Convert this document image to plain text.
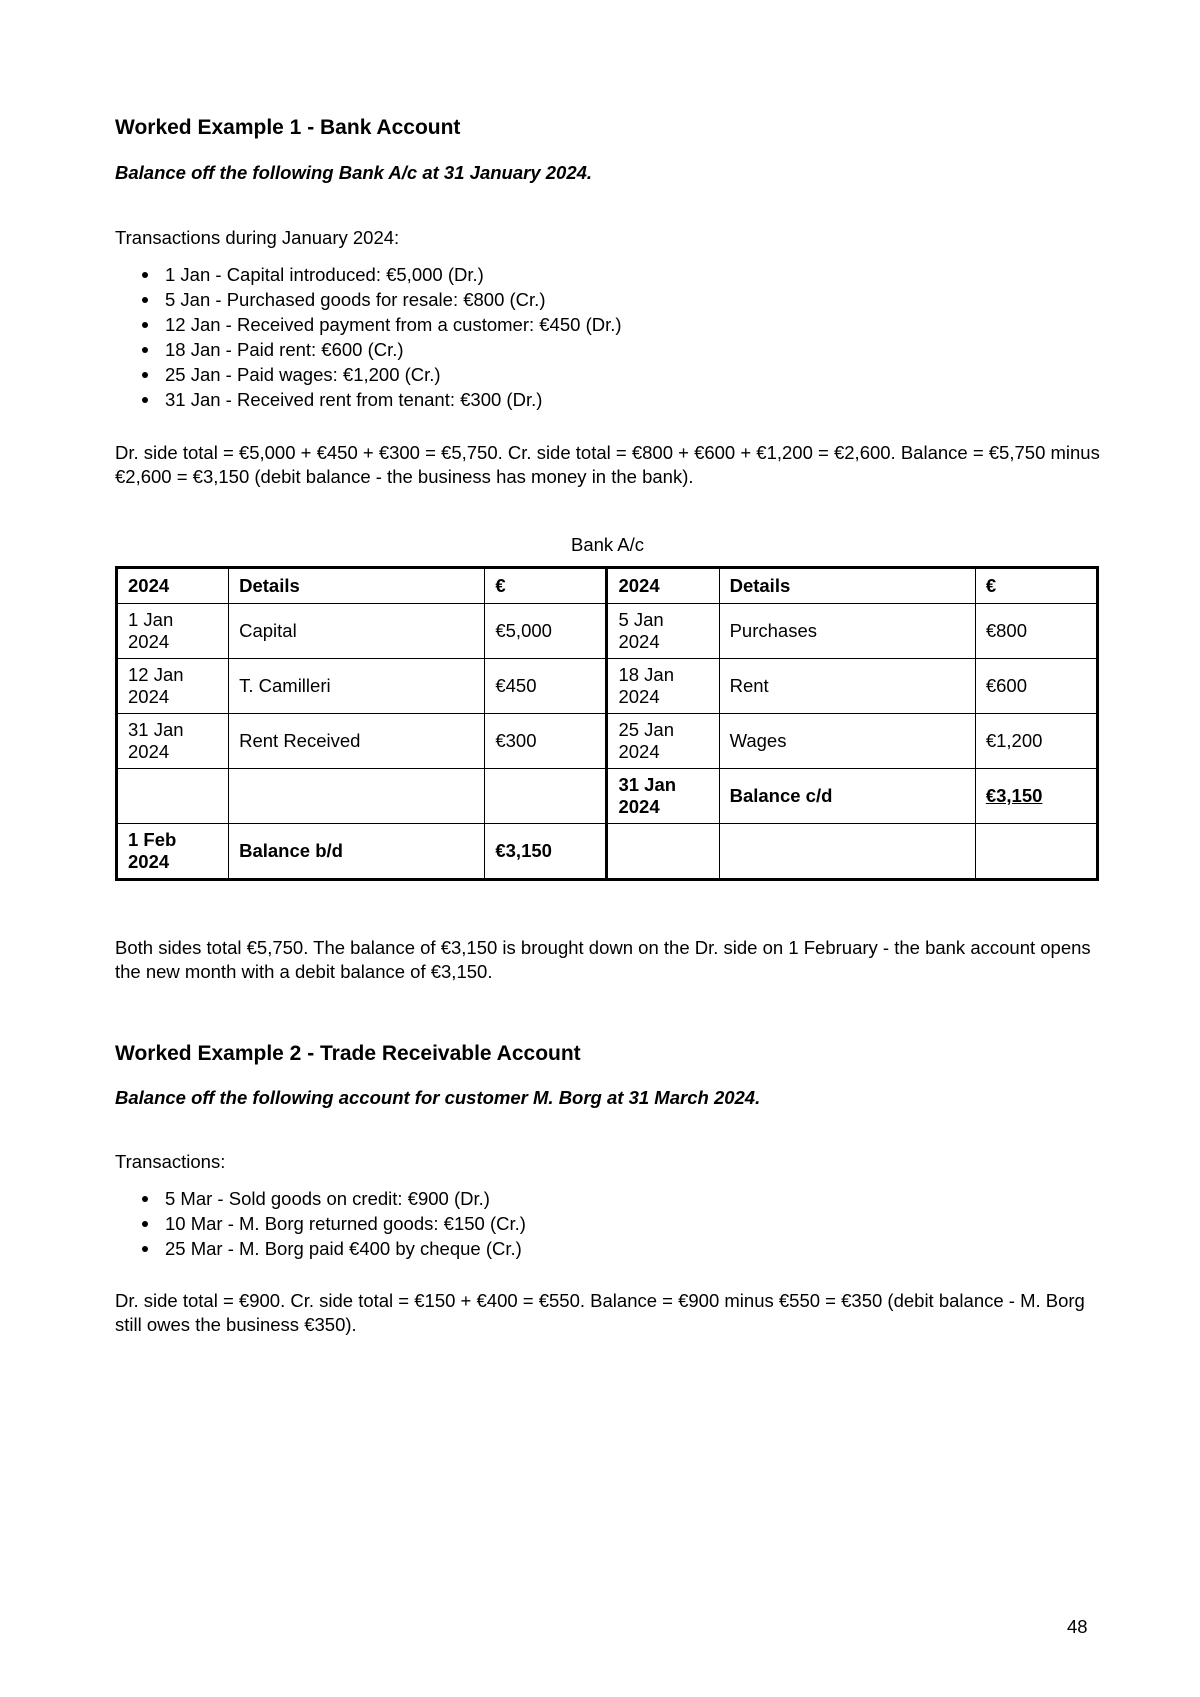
Worked Example 1 - Bank Account

Balance off the following Bank A/c at 31 January 2024.

Transactions during January 2024:

1 Jan - Capital introduced: €5,000 (Dr.)
5 Jan - Purchased goods for resale: €800 (Cr.)
12 Jan - Received payment from a customer: €450 (Dr.)
18 Jan - Paid rent: €600 (Cr.)
25 Jan - Paid wages: €1,200 (Cr.)
31 Jan - Received rent from tenant: €300 (Dr.)

Dr. side total = €5,000 + €450 + €300 = €5,750. Cr. side total = €800 + €600 + €1,200 = €2,600. Balance = €5,750 minus €2,600 = €3,150 (debit balance - the business has money in the bank).

Bank A/c
2024	Details	€	2024	Details	€
1 Jan 2024	Capital	€5,000	5 Jan 2024	Purchases	€800
12 Jan 2024	T. Camilleri	€450	18 Jan 2024	Rent	€600
31 Jan 2024	Rent Received	€300	25 Jan 2024	Wages	€1,200
			31 Jan 2024	Balance c/d	€3,150
1 Feb 2024	Balance b/d	€3,150			

Both sides total €5,750. The balance of €3,150 is brought down on the Dr. side on 1 February - the bank account opens the new month with a debit balance of €3,150.

Worked Example 2 - Trade Receivable Account

Balance off the following account for customer M. Borg at 31 March 2024.

Transactions:

5 Mar - Sold goods on credit: €900 (Dr.)
10 Mar - M. Borg returned goods: €150 (Cr.)
25 Mar - M. Borg paid €400 by cheque (Cr.)

Dr. side total = €900. Cr. side total = €150 + €400 = €550. Balance = €900 minus €550 = €350 (debit balance - M. Borg still owes the business €350).

48
